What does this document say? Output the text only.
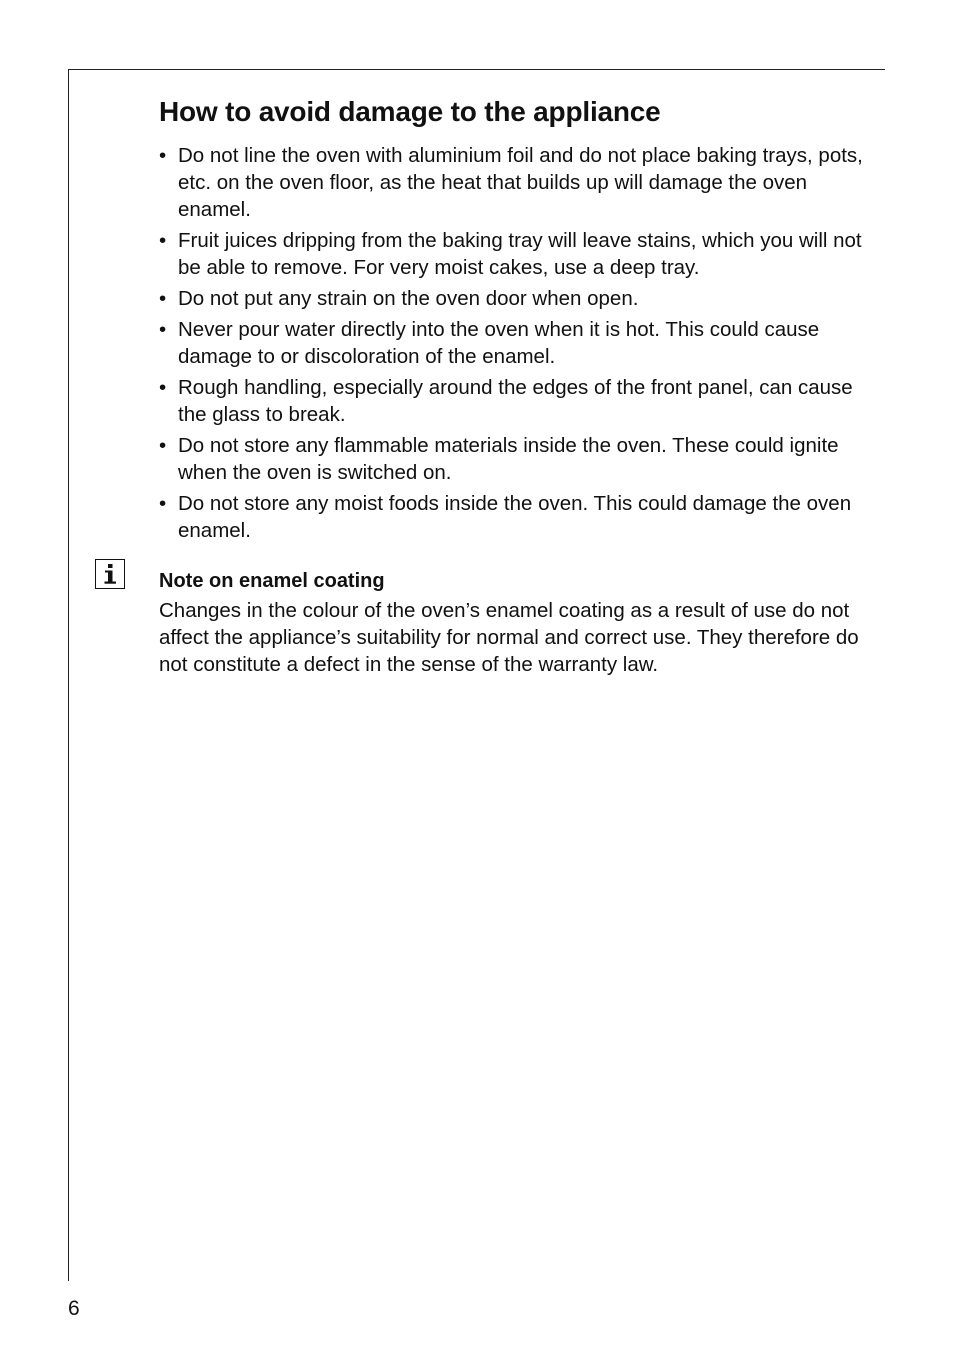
How to avoid damage to the appliance
• Do not line the oven with aluminium foil and do not place baking trays, pots, etc. on the oven floor, as the heat that builds up will damage the oven enamel.
• Fruit juices dripping from the baking tray will leave stains, which you will not be able to remove. For very moist cakes, use a deep tray.
• Do not put any strain on the oven door when open.
• Never pour water directly into the oven when it is hot. This could cause damage to or discoloration of the enamel.
• Rough handling, especially around the edges of the front panel, can cause the glass to break.
• Do not store any flammable materials inside the oven. These could ignite when the oven is switched on.
• Do not store any moist foods inside the oven. This could damage the oven enamel.
Note on enamel coating

Changes in the colour of the oven’s enamel coating as a result of use do not affect the appliance’s suitability for normal and correct use. They therefore do not constitute a defect in the sense of the warranty law.

6
